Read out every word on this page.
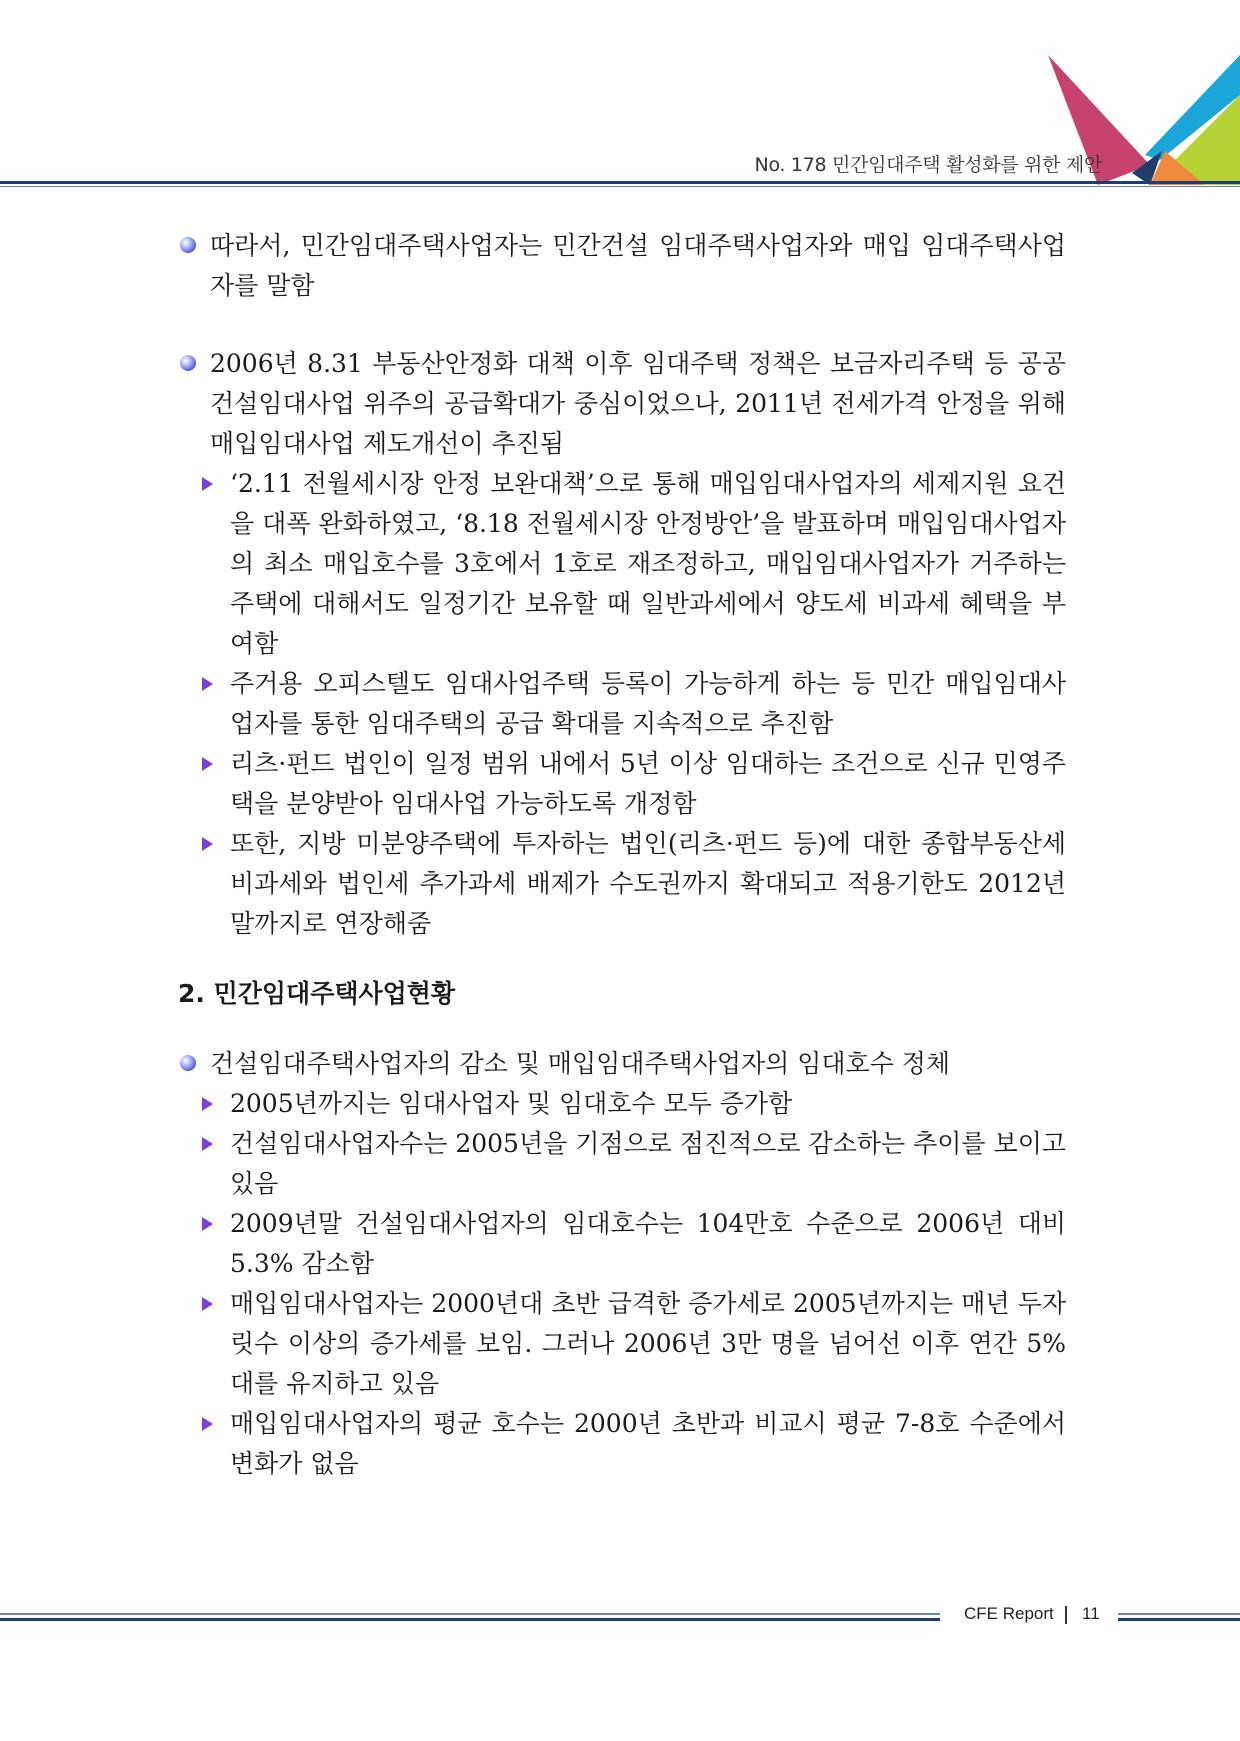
No. 178 민간임대주택 활성화를 위한 제안
따라서, 민간임대주택사업자는 민간건설 임대주택사업자와 매입 임대주택사업자를 말함
2006년 8.31 부동산안정화 대책 이후 임대주택 정책은 보금자리주택 등 공공건설임대사업 위주의 공급확대가 중심이었으나, 2011년 전세가격 안정을 위해 매입임대사업 제도개선이 추진됨
‘2.11 전월세시장 안정 보완대책’으로 통해 매입임대사업자의 세제지원 요건을 대폭 완화하였고, ‘8.18 전월세시장 안정방안’을 발표하며 매입임대사업자의 최소 매입호수를 3호에서 1호로 재조정하고, 매입임대사업자가 거주하는 주택에 대해서도 일정기간 보유할 때 일반과세에서 양도세 비과세 혜택을 부여함
주거용 오피스텔도 임대사업주택 등록이 가능하게 하는 등 민간 매입임대사업자를 통한 임대주택의 공급 확대를 지속적으로 추진함
리츠·펀드 법인이 일정 범위 내에서 5년 이상 임대하는 조건으로 신규 민영주택을 분양받아 임대사업 가능하도록 개정함
또한, 지방 미분양주택에 투자하는 법인(리츠·펀드 등)에 대한 종합부동산세 비과세와 법인세 추가과세 배제가 수도권까지 확대되고 적용기한도 2012년 말까지로 연장해줌
2. 민간임대주택사업현황
건설임대주택사업자의 감소 및 매입임대주택사업자의 임대호수 정체
2005년까지는 임대사업자 및 임대호수 모두 증가함
건설임대사업자수는 2005년을 기점으로 점진적으로 감소하는 추이를 보이고 있음
2009년말 건설임대사업자의 임대호수는 104만호 수준으로 2006년 대비 5.3% 감소함
매입임대사업자는 2000년대 초반 급격한 증가세로 2005년까지는 매년 두자릿수 이상의 증가세를 보임. 그러나 2006년 3만 명을 넘어선 이후 연간 5% 대를 유지하고 있음
매입임대사업자의 평균 호수는 2000년 초반과 비교시 평균 7-8호 수준에서 변화가 없음
CFE Report 11
